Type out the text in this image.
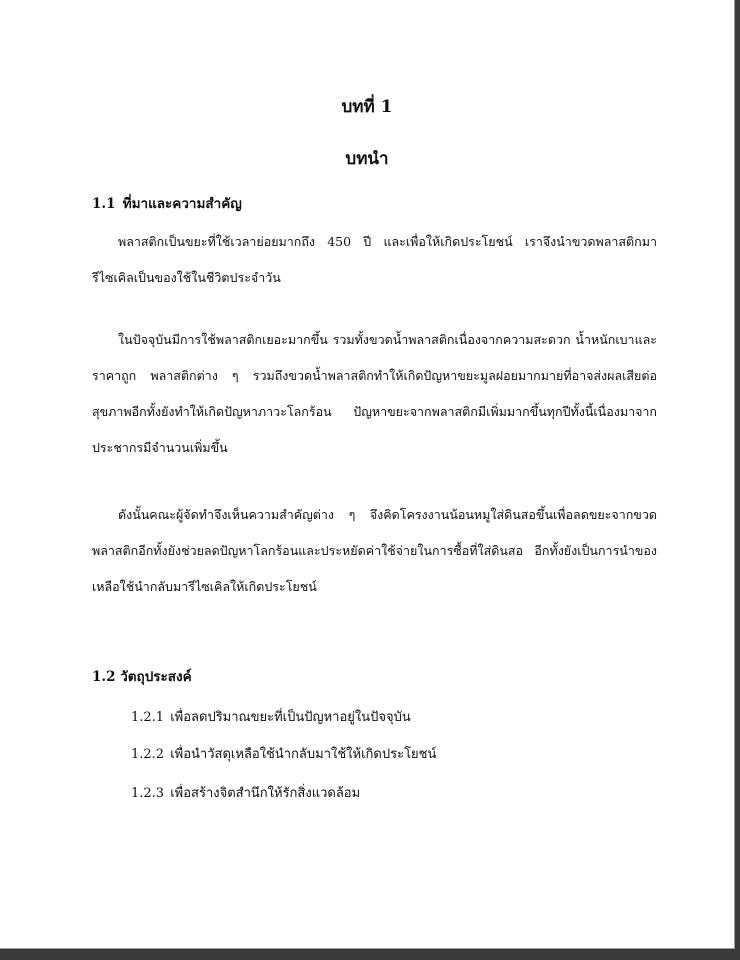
บทที่ 1
บทนำ
1.1 ที่มาและความสำคัญ
พลาสติกเป็นขยะที่ใช้เวลาย่อยมากถึง 450 ปี และเพื่อให้เกิดประโยชน์ เราจึงนำขวดพลาสติกมารีไซเคิลเป็นของใช้ในชีวิตประจำวัน
ในปัจจุบันมีการใช้พลาสติกเยอะมากขึ้น รวมทั้งขวดน้ำพลาสติกเนื่องจากความสะดวก น้ำหนักเบาและราคาถูก พลาสติกต่าง ๆ รวมถึงขวดน้ำพลาสติกทำให้เกิดปัญหาขยะมูลฝอยมากมายที่อาจส่งผลเสียต่อสุขภาพอีกทั้งยังทำให้เกิดปัญหาภาวะโลกร้อน ปัญหาขยะจากพลาสติกมีเพิ่มมากขึ้นทุกปีทั้งนี้เนื่องมาจากประชากรมีจำนวนเพิ่มขึ้น
ดังนั้นคณะผู้จัดทำจึงเห็นความสำคัญต่าง ๆ จึงคิดโครงงานน้อนหมูใส่ดินสอขึ้นเพื่อลดขยะจากขวดพลาสติกอีกทั้งยังช่วยลดปัญหาโลกร้อนและประหยัดค่าใช้จ่ายในการซื้อที่ใส่ดินสอ อีกทั้งยังเป็นการนำของเหลือใช้นำกลับมารีไซเคิลให้เกิดประโยชน์
1.2 วัตถุประสงค์
1.2.1 เพื่อลดปริมาณขยะที่เป็นปัญหาอยู่ในปัจจุบัน
1.2.2 เพื่อนำวัสดุเหลือใช้นำกลับมาใช้ให้เกิดประโยชน์
1.2.3 เพื่อสร้างจิตสำนึกให้รักสิ่งแวดล้อม
